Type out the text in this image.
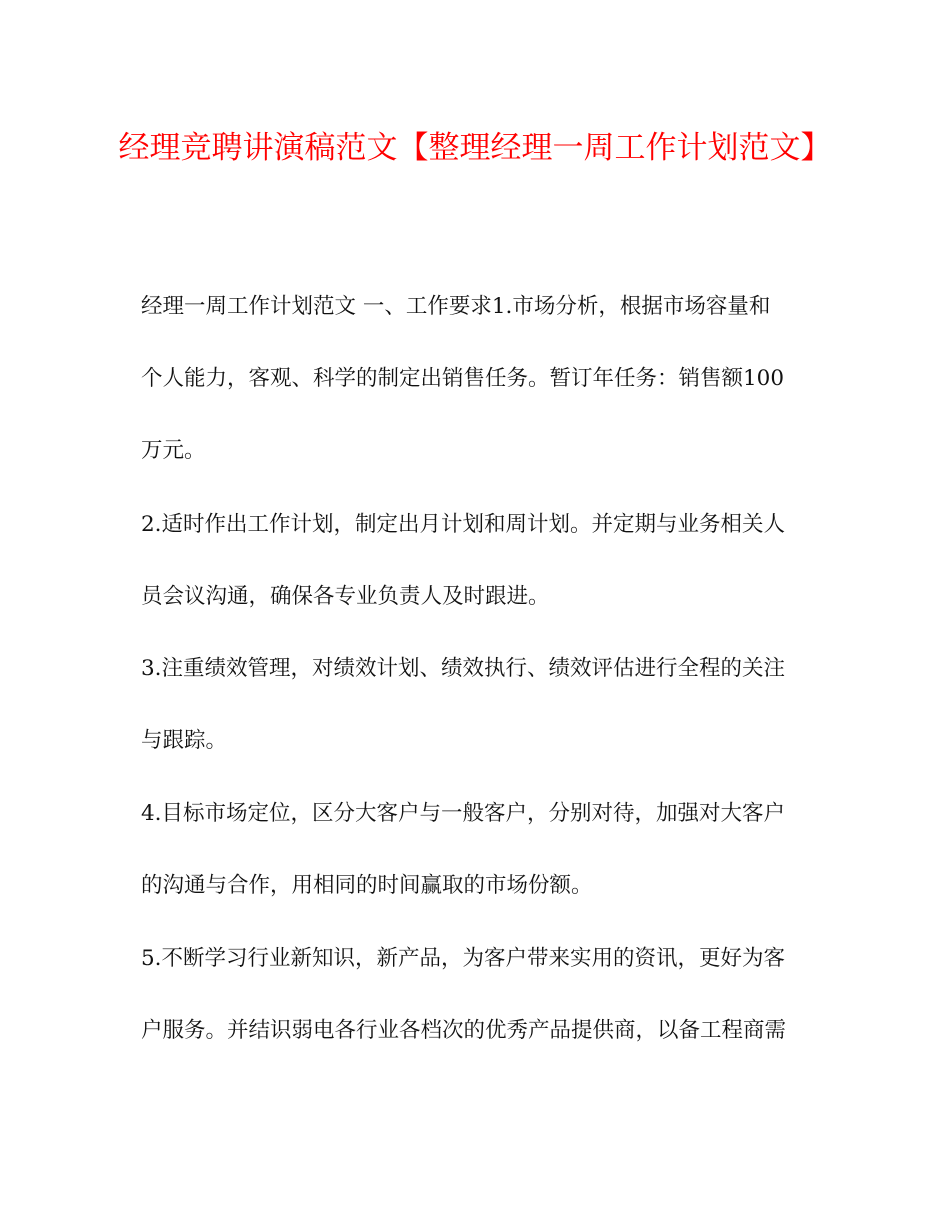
经理竞聘讲演稿范文【整理经理一周工作计划范文】

经理一周工作计划范文 一、工作要求1.市场分析，根据市场容量和

个人能力，客观、科学的制定出销售任务。暂订年任务：销售额100

万元。

2.适时作出工作计划，制定出月计划和周计划。并定期与业务相关人

员会议沟通，确保各专业负责人及时跟进。

3.注重绩效管理，对绩效计划、绩效执行、绩效评估进行全程的关注

与跟踪。

4.目标市场定位，区分大客户与一般客户，分别对待，加强对大客户

的沟通与合作，用相同的时间赢取的市场份额。

5.不断学习行业新知识，新产品，为客户带来实用的资讯，更好为客

户服务。并结识弱电各行业各档次的优秀产品提供商，以备工程商需
